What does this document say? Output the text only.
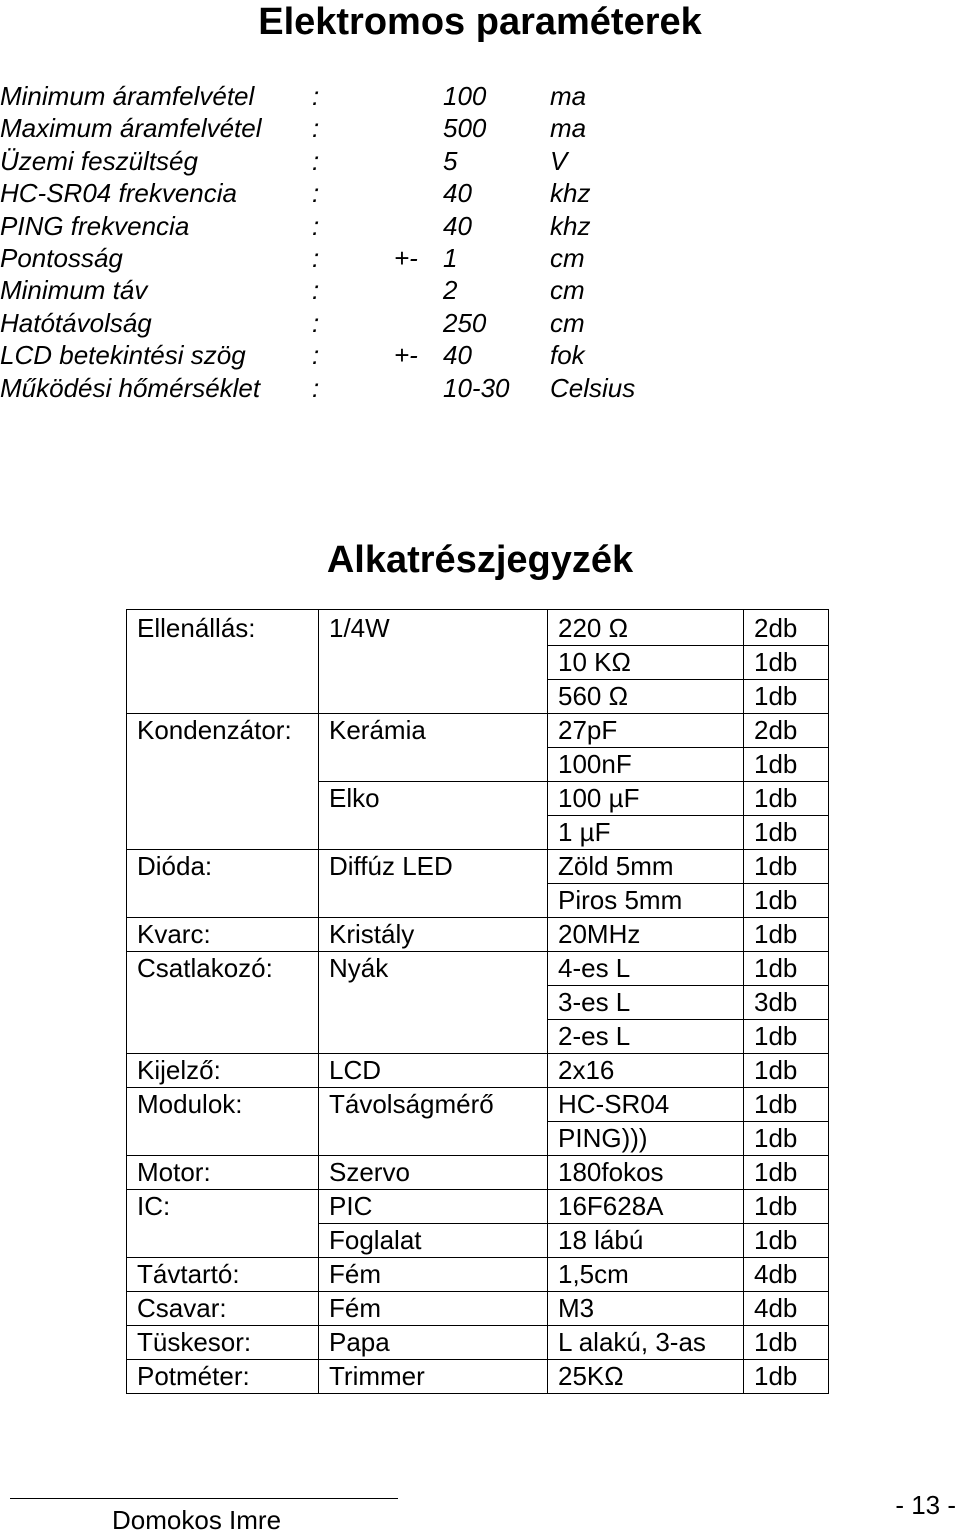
Elektromos paraméterek
Minimum áramfelvétel :	100 ma
Maximum áramfelvétel :	500 ma
Üzemi feszültség	:	5	V
HC-SR04 frekvencia	:	40	khz
PING frekvencia	:	40	khz
Pontosság	:	+- 1	cm
Minimum táv	:	2	cm
Hatótávolság	:	250 cm
LCD betekintési szög	:	+- 40	fok
Működési hőmérséklet :	10-30 Celsius
Alkatrészjegyzék
Ellenállás:	1/4W	220 Ω	2db
		10 KΩ	1db
		560 Ω	1db
Kondenzátor:	Kerámia	27pF	2db
		100nF	1db
	Elko	100 µF	1db
		1 µF	1db
Dióda:	Diffúz LED	Zöld 5mm	1db
		Piros 5mm	1db
Kvarc:	Kristály	20MHz	1db
Csatlakozó:	Nyák	4-es L	1db
		3-es L	3db
		2-es L	1db
Kijelző:	LCD	2x16	1db
Modulok:	Távolságmérő	HC-SR04	1db
		PING)))	1db
Motor:	Szervo	180fokos	1db
IC:	PIC	16F628A	1db
	Foglalat	18 lábú	1db
Távtartó:	Fém	1,5cm	4db
Csavar:	Fém	M3	4db
Tüskesor:	Papa	L alakú, 3-as	1db
Potméter:	Trimmer	25KΩ	1db
Domokos Imre	- 13 -
